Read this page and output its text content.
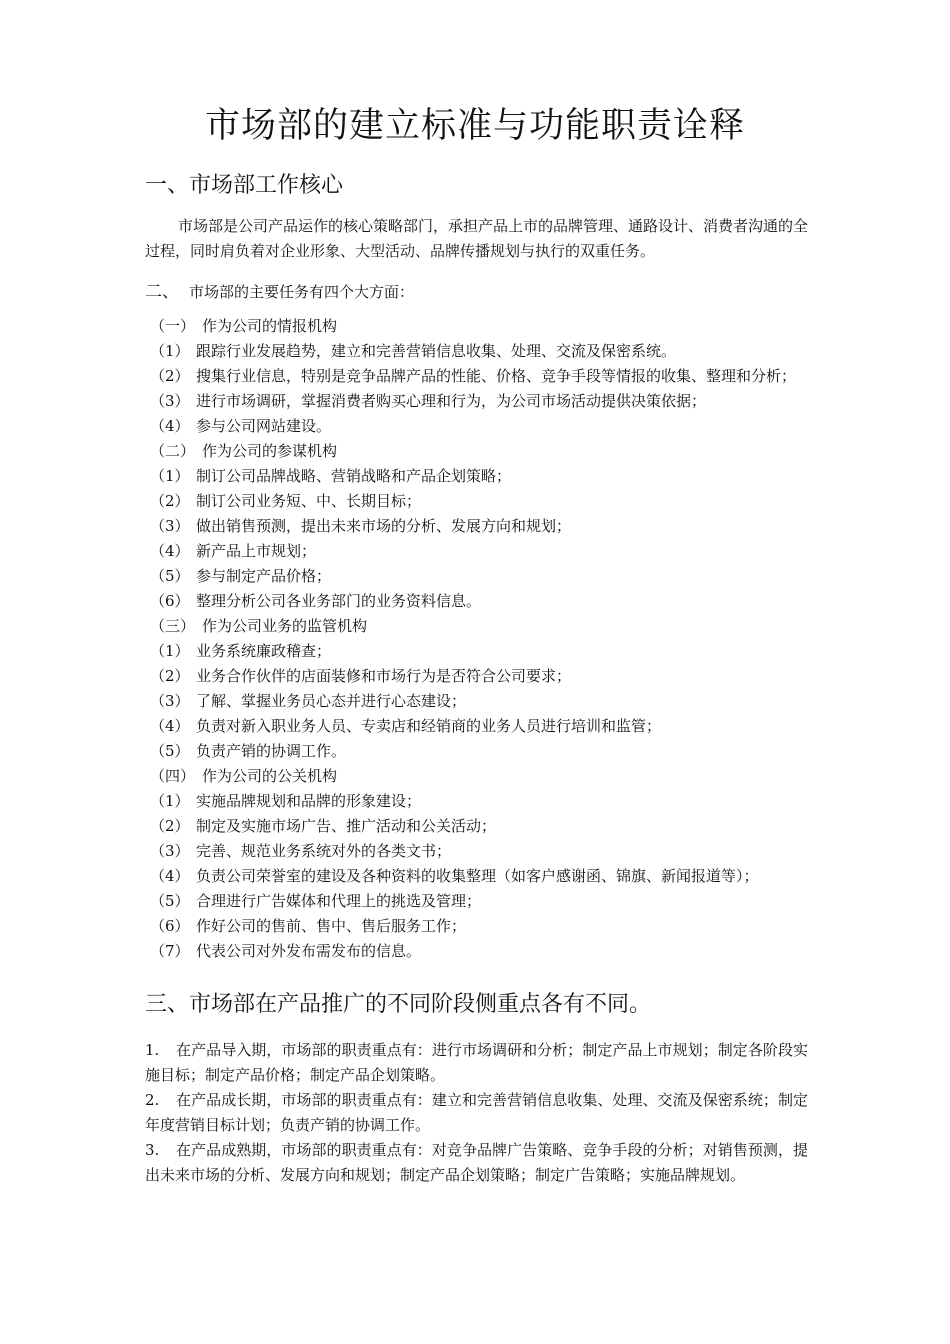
市场部的建立标准与功能职责诠释
一、市场部工作核心
市场部是公司产品运作的核心策略部门，承担产品上市的品牌管理、通路设计、消费者沟通的全过程，同时肩负着对企业形象、大型活动、品牌传播规划与执行的双重任务。
二、 市场部的主要任务有四个大方面：
（一） 作为公司的情报机构
（1） 跟踪行业发展趋势，建立和完善营销信息收集、处理、交流及保密系统。
（2） 搜集行业信息，特别是竞争品牌产品的性能、价格、竞争手段等情报的收集、整理和分析；
（3） 进行市场调研，掌握消费者购买心理和行为，为公司市场活动提供决策依据；
（4） 参与公司网站建设。
（二） 作为公司的参谋机构
（1） 制订公司品牌战略、营销战略和产品企划策略；
（2） 制订公司业务短、中、长期目标；
（3） 做出销售预测，提出未来市场的分析、发展方向和规划；
（4） 新产品上市规划；
（5） 参与制定产品价格；
（6） 整理分析公司各业务部门的业务资料信息。
（三） 作为公司业务的监管机构
（1） 业务系统廉政稽查；
（2） 业务合作伙伴的店面装修和市场行为是否符合公司要求；
（3） 了解、掌握业务员心态并进行心态建设；
（4） 负责对新入职业务人员、专卖店和经销商的业务人员进行培训和监管；
（5） 负责产销的协调工作。
（四） 作为公司的公关机构
（1） 实施品牌规划和品牌的形象建设；
（2） 制定及实施市场广告、推广活动和公关活动；
（3） 完善、规范业务系统对外的各类文书；
（4） 负责公司荣誉室的建设及各种资料的收集整理（如客户感谢函、锦旗、新闻报道等）；
（5） 合理进行广告媒体和代理上的挑选及管理；
（6） 作好公司的售前、售中、售后服务工作；
（7） 代表公司对外发布需发布的信息。
三、市场部在产品推广的不同阶段侧重点各有不同。
1. 在产品导入期，市场部的职责重点有：进行市场调研和分析；制定产品上市规划；制定各阶段实施目标；制定产品价格；制定产品企划策略。
2. 在产品成长期，市场部的职责重点有：建立和完善营销信息收集、处理、交流及保密系统；制定年度营销目标计划；负责产销的协调工作。
3. 在产品成熟期，市场部的职责重点有：对竞争品牌广告策略、竞争手段的分析；对销售预测，提出未来市场的分析、发展方向和规划；制定产品企划策略；制定广告策略；实施品牌规划。
